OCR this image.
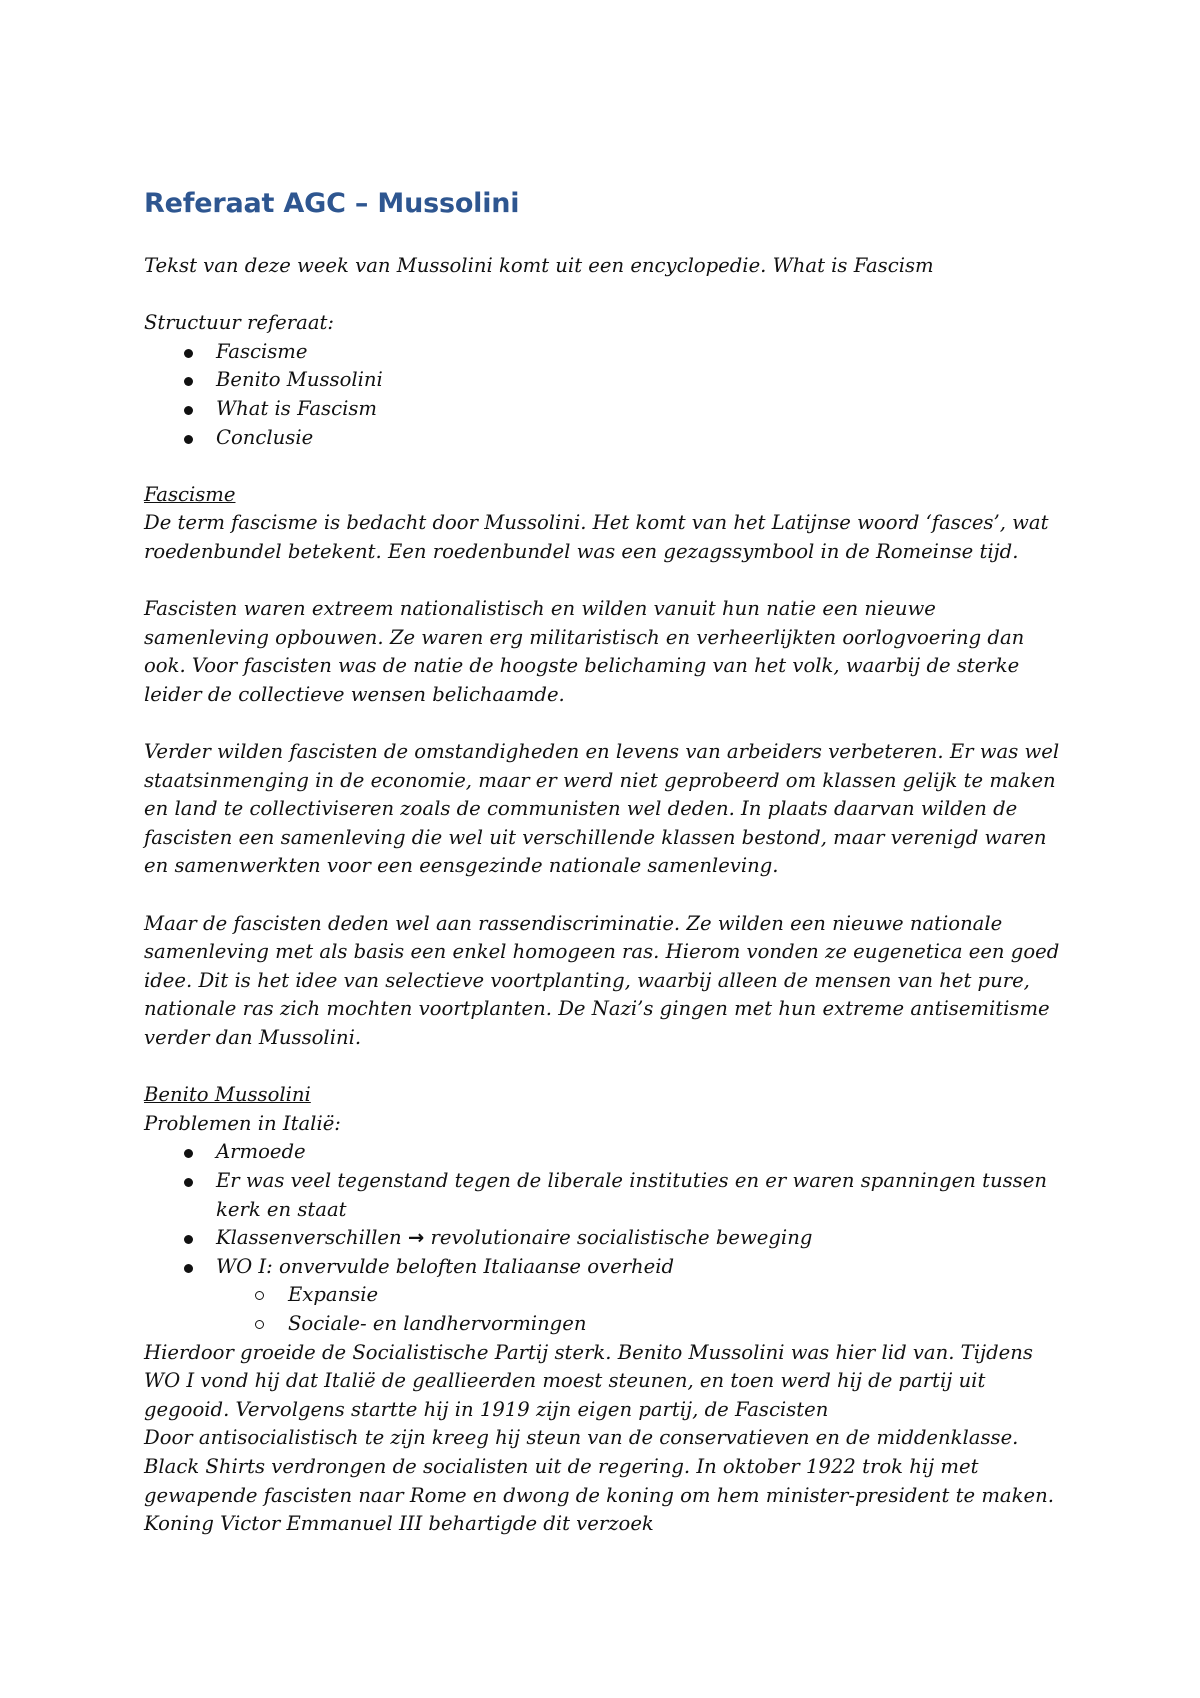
Referaat AGC – Mussolini

Tekst van deze week van Mussolini komt uit een encyclopedie. What is Fascism

Structuur referaat:

Fascisme
Benito Mussolini
What is Fascism
Conclusie

Fascisme

De term fascisme is bedacht door Mussolini. Het komt van het Latijnse woord ‘fasces’, wat roedenbundel betekent. Een roedenbundel was een gezagssymbool in de Romeinse tijd.

Fascisten waren extreem nationalistisch en wilden vanuit hun natie een nieuwe samenleving opbouwen. Ze waren erg militaristisch en verheerlijkten oorlogvoering dan ook. Voor fascisten was de natie de hoogste belichaming van het volk, waarbij de sterke leider de collectieve wensen belichaamde.

Verder wilden fascisten de omstandigheden en levens van arbeiders verbeteren. Er was wel staatsinmenging in de economie, maar er werd niet geprobeerd om klassen gelijk te maken en land te collectiviseren zoals de communisten wel deden. In plaats daarvan wilden de fascisten een samenleving die wel uit verschillende klassen bestond, maar verenigd waren en samenwerkten voor een eensgezinde nationale samenleving.

Maar de fascisten deden wel aan rassendiscriminatie. Ze wilden een nieuwe nationale samenleving met als basis een enkel homogeen ras. Hierom vonden ze eugenetica een goed idee. Dit is het idee van selectieve voortplanting, waarbij alleen de mensen van het pure, nationale ras zich mochten voortplanten. De Nazi’s gingen met hun extreme antisemitisme verder dan Mussolini.

Benito Mussolini

Problemen in Italië:

Armoede
Er was veel tegenstand tegen de liberale instituties en er waren spanningen tussen kerk en staat
Klassenverschillen → revolutionaire socialistische beweging
WO I: onvervulde beloften Italiaanse overheid
Expansie
Sociale- en landhervormingen

Hierdoor groeide de Socialistische Partij sterk. Benito Mussolini was hier lid van. Tijdens WO I vond hij dat Italië de geallieerden moest steunen, en toen werd hij de partij uit gegooid. Vervolgens startte hij in 1919 zijn eigen partij, de Fascisten

Door antisocialistisch te zijn kreeg hij steun van de conservatieven en de middenklasse. Black Shirts verdrongen de socialisten uit de regering. In oktober 1922 trok hij met gewapende fascisten naar Rome en dwong de koning om hem minister-president te maken.

Koning Victor Emmanuel III behartigde dit verzoek
